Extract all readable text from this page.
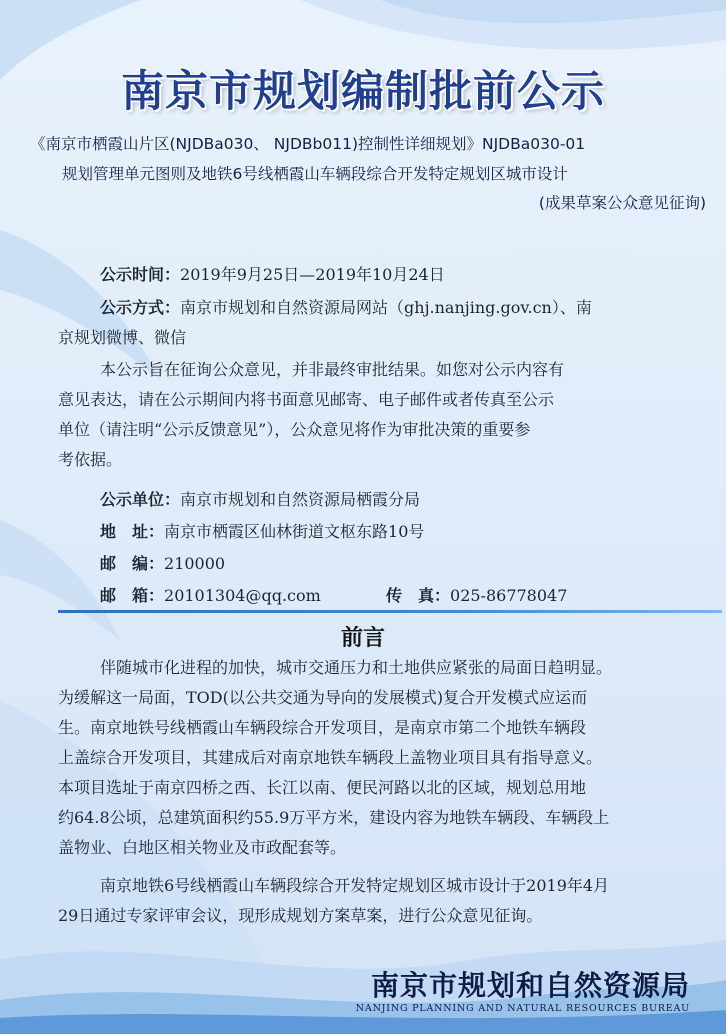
南京市规划编制批前公示
《南京市栖霞山片区(NJDBa030、 NJDBb011)控制性详细规划》NJDBa030-01
规划管理单元图则及地铁6号线栖霞山车辆段综合开发特定规划区城市设计
(成果草案公众意见征询)
公示时间：2019年9月25日—2019年10月24日
公示方式：南京市规划和自然资源局网站（ghj.nanjing.gov.cn）、南
京规划微博、微信
本公示旨在征询公众意见，并非最终审批结果。如您对公示内容有
意见表达，请在公示期间内将书面意见邮寄、电子邮件或者传真至公示
单位（请注明“公示反馈意见”），公众意见将作为审批决策的重要参
考依据。
公示单位：南京市规划和自然资源局栖霞分局
地　址：南京市栖霞区仙林街道文枢东路10号
邮　编：210000
邮　箱：20101304@qq.com	传　真：025-86778047
前言
伴随城市化进程的加快，城市交通压力和土地供应紧张的局面日趋明显。
为缓解这一局面，TOD(以公共交通为导向的发展模式)复合开发模式应运而
生。南京地铁号线栖霞山车辆段综合开发项目，是南京市第二个地铁车辆段
上盖综合开发项目，其建成后对南京地铁车辆段上盖物业项目具有指导意义。
本项目选址于南京四桥之西、长江以南、便民河路以北的区域，规划总用地
约64.8公顷，总建筑面积约55.9万平方米，建设内容为地铁车辆段、车辆段上
盖物业、白地区相关物业及市政配套等。
南京地铁6号线栖霞山车辆段综合开发特定规划区城市设计于2019年4月
29日通过专家评审会议，现形成规划方案草案，进行公众意见征询。
南京市规划和自然资源局
NANJING PLANNING AND NATURAL RESOURCES BUREAU
